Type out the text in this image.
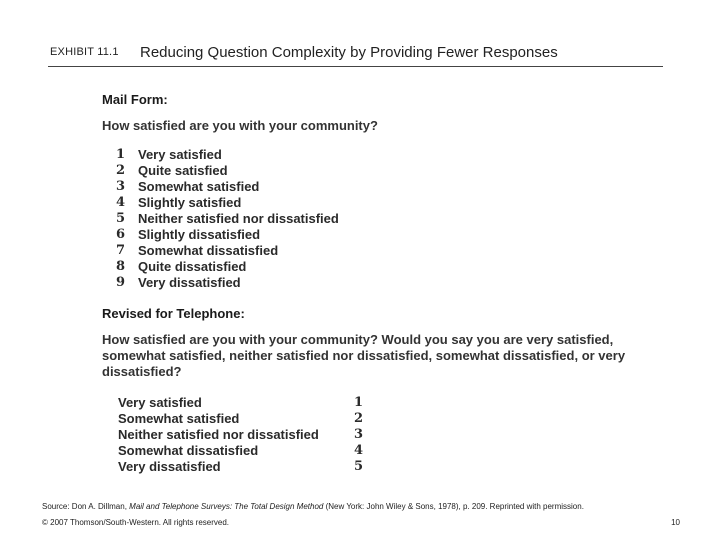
EXHIBIT 11.1 Reducing Question Complexity by Providing Fewer Responses
Mail Form:
How satisfied are you with your community?
1 Very satisfied
2 Quite satisfied
3 Somewhat satisfied
4 Slightly satisfied
5 Neither satisfied nor dissatisfied
6 Slightly dissatisfied
7 Somewhat dissatisfied
8 Quite dissatisfied
9 Very dissatisfied
Revised for Telephone:
How satisfied are you with your community? Would you say you are very satisfied, somewhat satisfied, neither satisfied nor dissatisfied, somewhat dissatisfied, or very dissatisfied?
Very satisfied	1
Somewhat satisfied	2
Neither satisfied nor dissatisfied	3
Somewhat dissatisfied	4
Very dissatisfied	5
Source: Don A. Dillman, Mail and Telephone Surveys: The Total Design Method (New York: John Wiley & Sons, 1978), p. 209. Reprinted with permission.
© 2007 Thomson/South-Western. All rights reserved.	10
